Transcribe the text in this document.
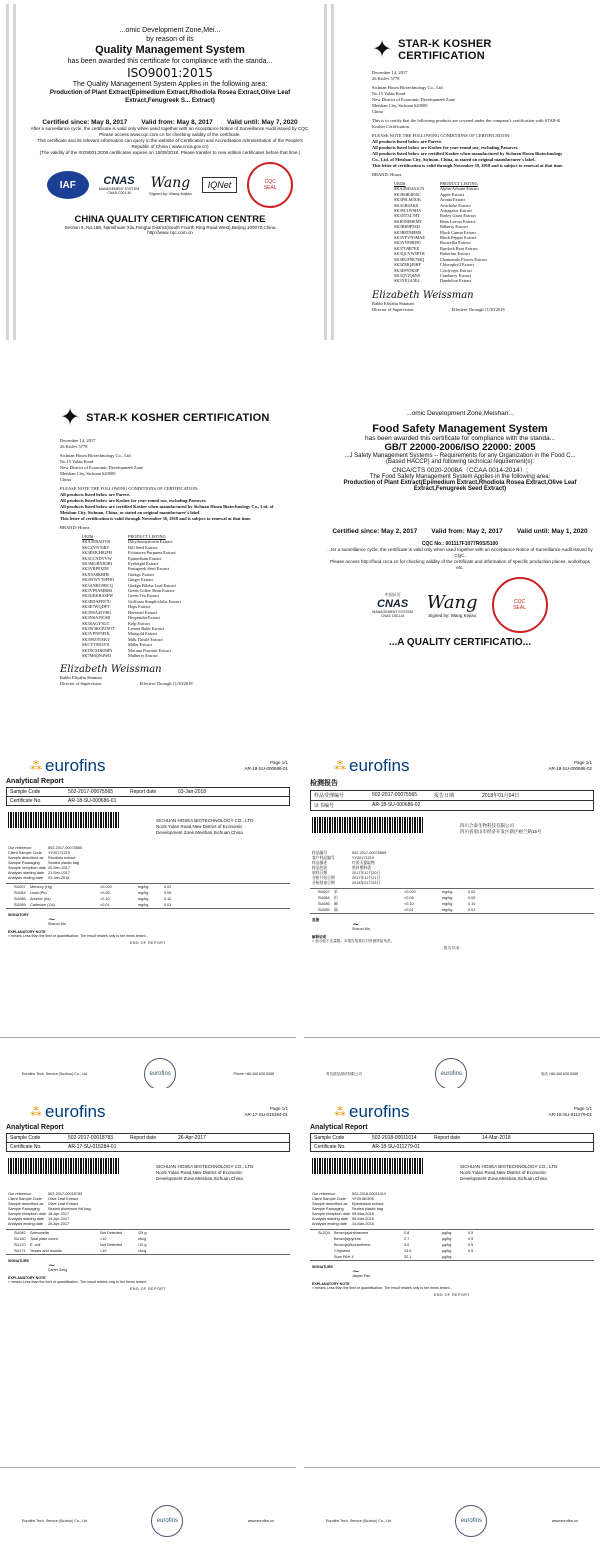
...omic Development Zone,Mei...
by reason of its
Quality Management System
has been awarded this certificate for compliance with the standa...
ISO9001:2015
The Quality Management System Applies in the following area:
Production of Plant Extract(Epimedium Extract,Rhodiola Rosea Extract,Olive Leaf Extract,Fenugreek S... Extract)
Certified since: May 8, 2017 Valid from: May 8, 2017 Valid until: May 7, 2020
After a surveillance cycle, the certificate is valid only when used together with an Acceptance Notice of Surveillance Audit issued by CQC.
Please access www.cqc.com.cn for checking validity of the certificate.
This certificate and its relevant information can query in the website of Certification and Accreditation Administration of the People's Republic of China ( www.cnca.gov.cn)
(The validity of the ISO9001:2008 certificates expires on 15/09/2018. Please transfer to new edition certificates before that time.)
IAF	CNAS
MANAGEMENT SYSTEM
CNAS C001-M
Wang
Signed by: Wang Kejiao
IQNet	CQC
SEAL
CHINA QUALITY CERTIFICATION CENTRE
Section 9, No.188, Nansihuan Xilu,Fengtai District(South Fourth Ring Road West),Beijing 100070,China
http://www.cqc.com.cn
✦ STAR-K KOSHER CERTIFICATION
December 14, 2017
26 Kislev 5778

Sichuan Hosea Biotechnology Co., Ltd.
No.15 Yulan Road
New District of Economic Development Zone
Meishan City, Sichuan 620000
China

This is to certify that the following products are covered under the company's certification with STAR-K Kosher Certification.

PLEASE NOTE THE FOLLOWING CONDITIONS OF CERTIFICATION:

All products listed below are Pareve.
All products listed below are Kosher for year-round use, excluding Passover.
All products listed below are certified Kosher when manufactured by Sichuan Hosea Biotechnology Co., Ltd. of Meishan City, Sichuan, China, as stated on original manufacturer's label.
This letter of certification is valid through November 30, 2018 and is subject to renewal at that time.

BRAND: Hosea

UKD#	PRODUCT LISTING
SKA4ND4A1CN	Alpha-Arbutin Extract
SK3H4R4FI0C	Apple Extract
SK3F0LM3UK	Aronia Extract
SK3GR0AK8	Artichoke Extract
SK39C1W9HA	Astragalus Extract
SK3NT3L7HT	Barley Grass Extract
SKH3NIMEMT	Bean Leaves Extract
SK3BH9P5SD	Bilberry Extract
SK3B8TM8M9	Black Cumin Extract
SK3VFVN3MAE	Black Pepper Extract
SK3YNN8D90	Boswellia Extract
SK37G9R7EE	Burdock Root Extract
SK3QCVW5PTK	Butterbur Extract
SK3EUF9K7MQ	Chamomile Flower Extract
SK3ZMQ49HF	Chlorophyll Extract
SK3EP9TK8P	Cordyceps Extract
SK3QVJQ6N9	Cranberry Extract
SK3YE2A5E4	Dandelion Extract
Elizabeth Weissman
Rabbi Eliyahu Shuman
Director of Supervision	Effective Through 11/30/2018
✦ STAR-K KOSHER CERTIFICATION
December 14, 2017
26 Kislev 5778

Sichuan Hosea Biotechnology Co., Ltd.
No.15 Yulan Road
New District of Economic Development Zone
Meishan City, Sichuan 620000
China

PLEASE NOTE THE FOLLOWING CONDITIONS OF CERTIFICATION:

All products listed below are Pareve.
All products listed below are Kosher for year-round use, excluding Passover.
All products listed below are certified Kosher when manufactured by Sichuan Hosea Biotechnology Co., Ltd. of Meishan City, Sichuan, China, as stated on original manufacturer's label.
This letter of certification is valid through November 30, 2018 and is subject to renewal at that time.

BRAND: Hosea

UKD#	PRODUCT LISTING
SKA4N8ADVR	Dihydromyricetin Extract
SKCZVN76KT	Dill Seed Extract
SK3EMCH82FH	Echinacea Purpurea Extract
SK3CCNDVVW	Epimedium Extract
SK3MGBXH3BI	Eyebright Extract
SK3VRP9XD8	Fenugreek Seed Extract
SKN5A8KRH0	Ginkgo Extract
SK3WWVT6PHO	Ginger Extract
SK3ANRG9BCQ	Ginkgo Biloba Leaf Extract
SK3VP9AMRRS	Green Coffee Bean Extract
SK3GEKBASFW	Green Tea Extract
SK3EDAFFE7U	Griffonia Simplicifolia Extract
SK3E7WQDPT	Hops Extract
SK3N9A45VBG	Horsetail Extract
SK3NSA39OS8	Hesperidin Extract
SK3SAGY3GT	Kelp Extract
SK3W3KCPZ9OT	Lemon Balm Extract
SK3VPNF5FIK	Marigold Extract
SK399Z9TEKV	Milk Thistle Extract
SKCYT8D3V8	Millet Extract
SKT9CM3K9RN	Mucuna Pruriens Extract
SK7M6QN4WD	Mulberry Extract
Elizabeth Weissman
Rabbi Eliyahu Shuman
Director of Supervision	Effective Through 11/30/2018
...omic Development Zone,Meishan...
Food Safety Management System
has been awarded this certificate for compliance with the standa...
GB/T 22000-2006/ISO 22000: 2005
...J Safety Management Systems -- Requirements for any Organization in the Food C...
(Based HACCP) and following technical requirement(s):
CNCA/CTS 0020-2008A（CCAA 0014-2014）;
The Food Safety Management System Applies in the following area:
Production of Plant Extract(Epimedium Extract,Rhodiola Rosea Extract,Olive Leaf Extract,Fenugreek Seed Extract)
Certified since: May 2, 2017 Valid from: May 2, 2017 Valid until: May 1, 2020
CQC No.: 001117F1077R0S/5100
...ter a surveillance cycle, the certificate is valid only when used together with an Acceptance Notice of Surveillance Audit issued by CQC.
Please access http://food.cnca.cn for checking validity of the certificate and information of specific production places, workshops etc.
中国认可
CNAS
MANAGEMENT SYSTEM
CNAS C001-M
Wang
Signed by: Wang Kejiao
CQC
SEAL
...A QUALITY CERTIFICATIO...
⁂ eurofins	Page 1/1
AR-18-SU-000686-01
Analytical Report
Sample Code	502-2017-00075565	Report date	03-Jan-2018
Certificate No.	AR-18-SU-000686-01
SICHUAN HOSEA BIOTECHNOLOGY CO., LTD
No15 Yulan Road,New District of Economic
Development Zone,Meishan,Sichuan,China
Our reference	502-2017-00075565
Client Sample Code	YY20171219
Sample described as	Rhodiola extract
Sample Packaging	Sealed plastic bag
Sample reception date 20-Dec-2017
Analysis starting date	21-Dec-2017
Analysis ending date	03-Jan-2018
SU007	Mercury (Hg)	<0.020	mg/kg	0.02
SU084	Lead (Pb)	<0.05	mg/kg	0.05
SU086	Arsenic (As)	<0.10	mg/kg	0.10
SU089	Cadmium (Cd)	<0.01	mg/kg	0.01
SIGNATORY	~
Sharon Ma
EXPLANATORY NOTE
< means Less than the limit of quantification. The result relates only to the items tested.
END OF REPORT
⁂ eurofins	Page 1/1
AR-18-SU-000686-02
检测报告
样品受理编号	502-2017-00075565	报告日期	2018年01月04日
证书编号	AR-18-SU-000686-02
四川合泰生物科技有限公司
四川省眉山市经济开发区新区裕兰路15号
样品编号	502-2017-00075565
客户样品编号	YY20171219
样品描述	红景天提取物
样品包装	密封塑料袋
收样日期	2017年12月20日
分析开始日期	2017年12月21日
分析结束日期	2018年01月03日
SU007	汞	<0.020	mg/kg	0.02
SU084	铅	<0.05	mg/kg	0.05
SU086	砷	<0.10	mg/kg	0.10
SU089	镉	<0.01	mg/kg	0.01
签署	~
Sharon Ma
解释说明
< 表示低于定量限。本报告结果仅对所测样品负责。
报告结束
⁂ eurofins	Page 1/1
AR-17-SU-015284-01
Analytical Report
Sample Code	502-2017-00018783	Report date	26-Apr-2017
Certificate No.	AR-17-SU-015284-01
SICHUAN HOSEA BIOTECHNOLOGY CO., LTD
No15 Yulan Road,New District of Economic
Development Zone,Meishan,Sichuan,China
Our reference	502-2017-00018783
Client Sample Code	Olive Leaf Extract
Sample described as	Olive Leaf Extract
Sample Packaging	Sealed aluminum foil bag
Sample reception date 18-Apr-2017
Analysis starting date	19-Apr-2017
Analysis ending date	26-Apr-2017
SU082	Salmonella	Not Detected	/25 g
SU160	Total plate count	<10	cfu/g
SU170	E. coli	Not Detected	/10 g
SU171	Yeasts and moulds	<10	cfu/g
SIGNATURE	~
Carter Zong
EXPLANATORY NOTE
< means Less than the limit of quantification. The result relates only to the items tested.
END OF REPORT
⁂ eurofins	Page 1/1
AR-18-SU-011279-01
Analytical Report
Sample Code	502-2018-00011014	Report date	14-Mar-2018
Certificate No.	AR-18-SU-011279-01
SICHUAN HOSEA BIOTECHNOLOGY CO., LTD
No15 Yulan Road,New District of Economic
Development Zone,Meishan,Sichuan,China
Our reference	502-2018-00011014
Client Sample Code	YF20180305
Sample described as	Epimedium extract
Sample Packaging	Sealed plastic bag
Sample reception date 05-Mar-2018
Analysis starting date	06-Mar-2018
Analysis ending date	14-Mar-2018
SL2Q4	Benzo(a)anthracene	0.8	µg/kg	0.5
Benzo(a)pyrene	2.7	µg/kg	0.5
Benzo(b)fluoranthene	3.0	µg/kg	0.5
Chrysene	13.6	µg/kg	0.5
Sum PAH 4	32.1	µg/kg
SIGNATURE	~
Jasper Pan
EXPLANATORY NOTE
< means Less than the limit of quantification. The result relates only to the items tested.
END OF REPORT
Eurofins Tech. Service (Suzhou) Co., Ltd	eurofins	Phone +86 400 828 5088	青岛谱尼测试有限公司	eurofins	电话 +86 400 828 5088
Eurofins Tech. Service (Suzhou) Co., Ltd	eurofins	www.eurofins.cn	Eurofins Tech. Service (Suzhou) Co., Ltd	eurofins	www.eurofins.cn
